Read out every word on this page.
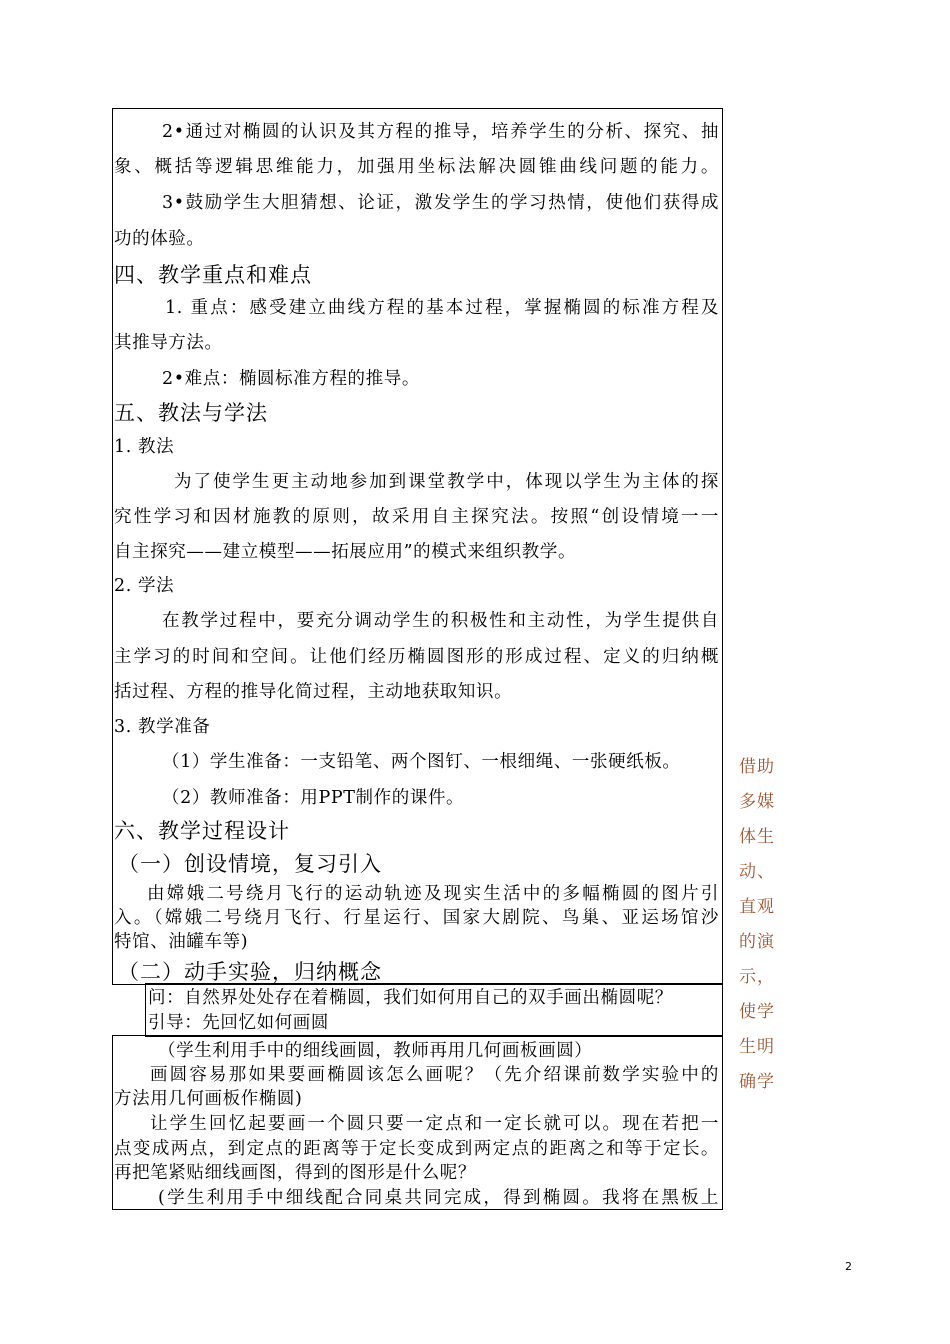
2•通过对椭圆的认识及其方程的推导，培养学生的分析、探究、抽
象、概括等逻辑思维能力，加强用坐标法解决圆锥曲线问题的能力。
3•鼓励学生大胆猜想、论证，激发学生的学习热情，使他们获得成
功的体验。
四、教学重点和难点
1. 重点：感受建立曲线方程的基本过程，掌握椭圆的标准方程及
其推导方法。
2•难点：椭圆标准方程的推导。
五、教法与学法
1. 教法
为了使学生更主动地参加到课堂教学中，体现以学生为主体的探
究性学习和因材施教的原则，故采用自主探究法。按照“创设情境一一
自主探究——建立模型——拓展应用”的模式来组织教学。
2. 学法
在教学过程中，要充分调动学生的积极性和主动性，为学生提供自
主学习的时间和空间。让他们经历椭圆图形的形成过程、定义的归纳概
括过程、方程的推导化简过程，主动地获取知识。
3. 教学准备
（1）学生准备：一支铅笔、两个图钉、一根细绳、一张硬纸板。
（2）教师准备：用PPT制作的课件。
六、教学过程设计
（一）创设情境，复习引入
由嫦娥二号绕月飞行的运动轨迹及现实生活中的多幅椭圆的图片引
入。（嫦娥二号绕月飞行、行星运行、国家大剧院、鸟巢、亚运场馆沙
特馆、油罐车等)
（二）动手实验，归纳概念
问：自然界处处存在着椭圆，我们如何用自己的双手画出椭圆呢？
引导：先回忆如何画圆
（学生利用手中的细线画圆，教师再用几何画板画圆）
画圆容易那如果要画椭圆该怎么画呢？（先介绍课前数学实验中的
方法用几何画板作椭圆)
让学生回忆起要画一个圆只要一定点和一定长就可以。现在若把一
点变成两点，到定点的距离等于定长变成到两定点的距离之和等于定长。
再把笔紧贴细线画图，得到的图形是什么呢？
(学生利用手中细线配合同桌共同完成，得到椭圆。我将在黑板上
借助
多媒
体生
动、
直观
的演
示，
使学
生明
确学
2
